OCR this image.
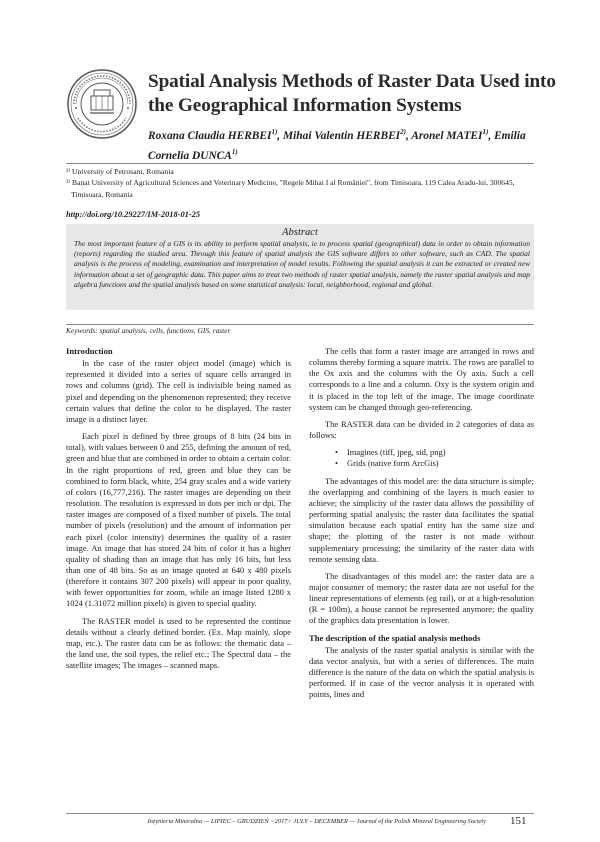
Spatial Analysis Methods of Raster Data Used into the Geographical Information Systems

Roxana Claudia HERBEI$^{1)}$, Mihai Valentin HERBEI$^{2)}$, Aronel MATEI$^{1)}$, Emilia Cornelia DUNCA$^{1)}$

¹⁾ University of Petrosani, Romania
²⁾ Banat University of Agricultural Sciences and Veterinary Medicine, "Regele Mihai I al României", from Timisoara, 119 Calea Aradu-lui, 300645, Timisoara, Romania

http://doi.org/10.29227/IM-2018-01-25

Abstract

The most important feature of a GIS is its ability to perform spatial analysis, ie to process spatial (geographical) data in order to obtain information (reports) regarding the studied area. Through this feature of spatial analysis the GIS software differs to other software, such as CAD. The spatial analysis is the process of modeling, examination and interpretation of model results. Following the spatial analysis it can be extracted or created new information about a set of geographic data. This paper aims to treat two methods of raster spatial analysis, namely the raster spatial analysis and map algebra functions and the spatial analysis based on some statistical analysis: local, neighborhood, regional and global.

Keywords: spatial analysis, cells, functions, GIS, raster

Introduction

In the case of the raster object model (image) which is represented it divided into a series of square cells arranged in rows and columns (grid). The cell is indivisible being named as pixel and depending on the phenomenon represented; they receive certain values that define the color to be displayed. The raster image is a distinct layer.

Each pixel is defined by three groups of 8 bits (24 bits in total), with values between 0 and 255, defining the amount of red, green and blue that are combined in order to obtain a certain color. In the right proportions of red, green and blue they can be combined to form black, white, 254 gray scales and a wide variety of colors (16,777,216). The raster images are depending on their resolution. The resolution is expressed in dots per inch or dpi. The raster images are composed of a fixed number of pixels. The total number of pixels (resolution) and the amount of information per each pixel (color intensity) determines the quality of a raster image. An image that has stored 24 bits of color it has a higher quality of shading than an image that has only 16 bits, but less than one of 48 bits. So as an image quoted at 640 x 480 pixels (therefore it contains 307 200 pixels) will appear in poor quality, with fewer opportunities for zoom, while an image listed 1280 x 1024 (1.31072 million pixels) is given to special quality.

The RASTER model is used to be represented the continue details without a clearly defined border. (Ex. Map mainly, slope map, etc.). The raster data can be as follows: the thematic data – the land use, the soil types, the relief etc.; The Spectral data – the satellite images; The images – scanned maps.

The cells that form a raster image are arranged in rows and columns thereby forming a square matrix. The rows are parallel to the Ox axis and the columns with the Oy axis. Such a cell corresponds to a line and a column. Oxy is the system origin and it is placed in the top left of the image. The image coordinate system can be changed through geo-referencing.

The RASTER data can be divided in 2 categories of data as follows:

• Imagines (tiff, jpeg, sid, png)
• Grids (native form ArcGis)

The advantages of this model are: the data structure is simple; the overlapping and combining of the layers is much easier to achieve; the simplicity of the raster data allows the possibility of performing spatial analysis; the raster data facilitates the spatial simulation because each spatial entity has the same size and shape; the plotting of the raster is not made without supplementary processing; the similarity of the raster data with remote sensing data.

The disadvantages of this model are: the raster data are a major consumer of memory; the raster data are not useful for the linear representations of elements (eg rail), or at a high-resolution (R = 100m), a house cannot be represented anymore; the quality of the graphics data presentation is lower.

The description of the spatial analysis methods

The analysis of the raster spatial analysis is similar with the data vector analysis, but with a series of differences. The main difference is the nature of the data on which the spatial analysis is performed. If in case of the vector analysis it is operated with points, lines and

Inżynieria Mineralna — LIPIEC – GRUDZIEŃ <2017> JULY – DECEMBER — Journal of the Polish Mineral Engineering Society 151
